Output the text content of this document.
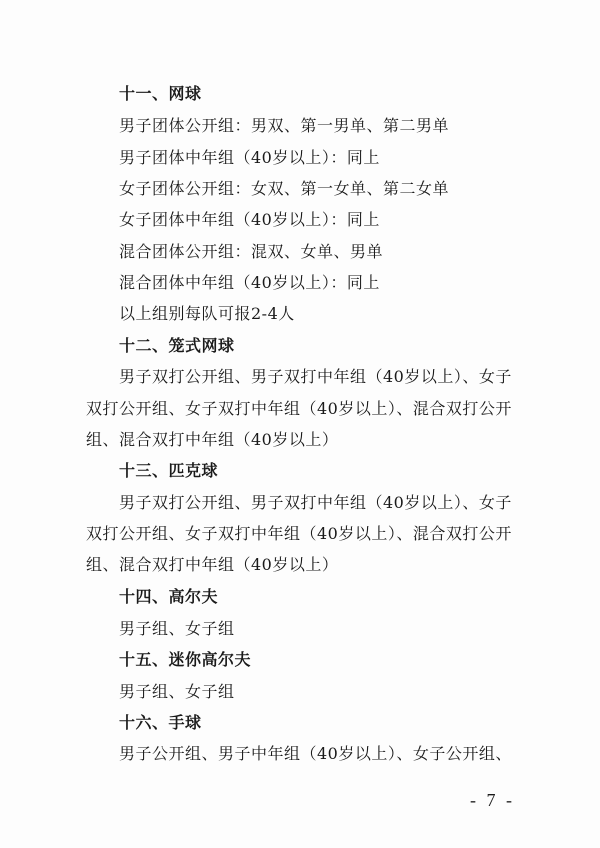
十一、网球
男子团体公开组：男双、第一男单、第二男单
男子团体中年组（40岁以上）：同上
女子团体公开组：女双、第一女单、第二女单
女子团体中年组（40岁以上）：同上
混合团体公开组：混双、女单、男单
混合团体中年组（40岁以上）：同上
以上组别每队可报2-4人
十二、笼式网球
男子双打公开组、男子双打中年组（40岁以上）、女子
双打公开组、女子双打中年组（40岁以上）、混合双打公开
组、混合双打中年组（40岁以上）
十三、匹克球
男子双打公开组、男子双打中年组（40岁以上）、女子
双打公开组、女子双打中年组（40岁以上）、混合双打公开
组、混合双打中年组（40岁以上）
十四、高尔夫
男子组、女子组
十五、迷你高尔夫
男子组、女子组
十六、手球
男子公开组、男子中年组（40岁以上）、女子公开组、
- 7 -
